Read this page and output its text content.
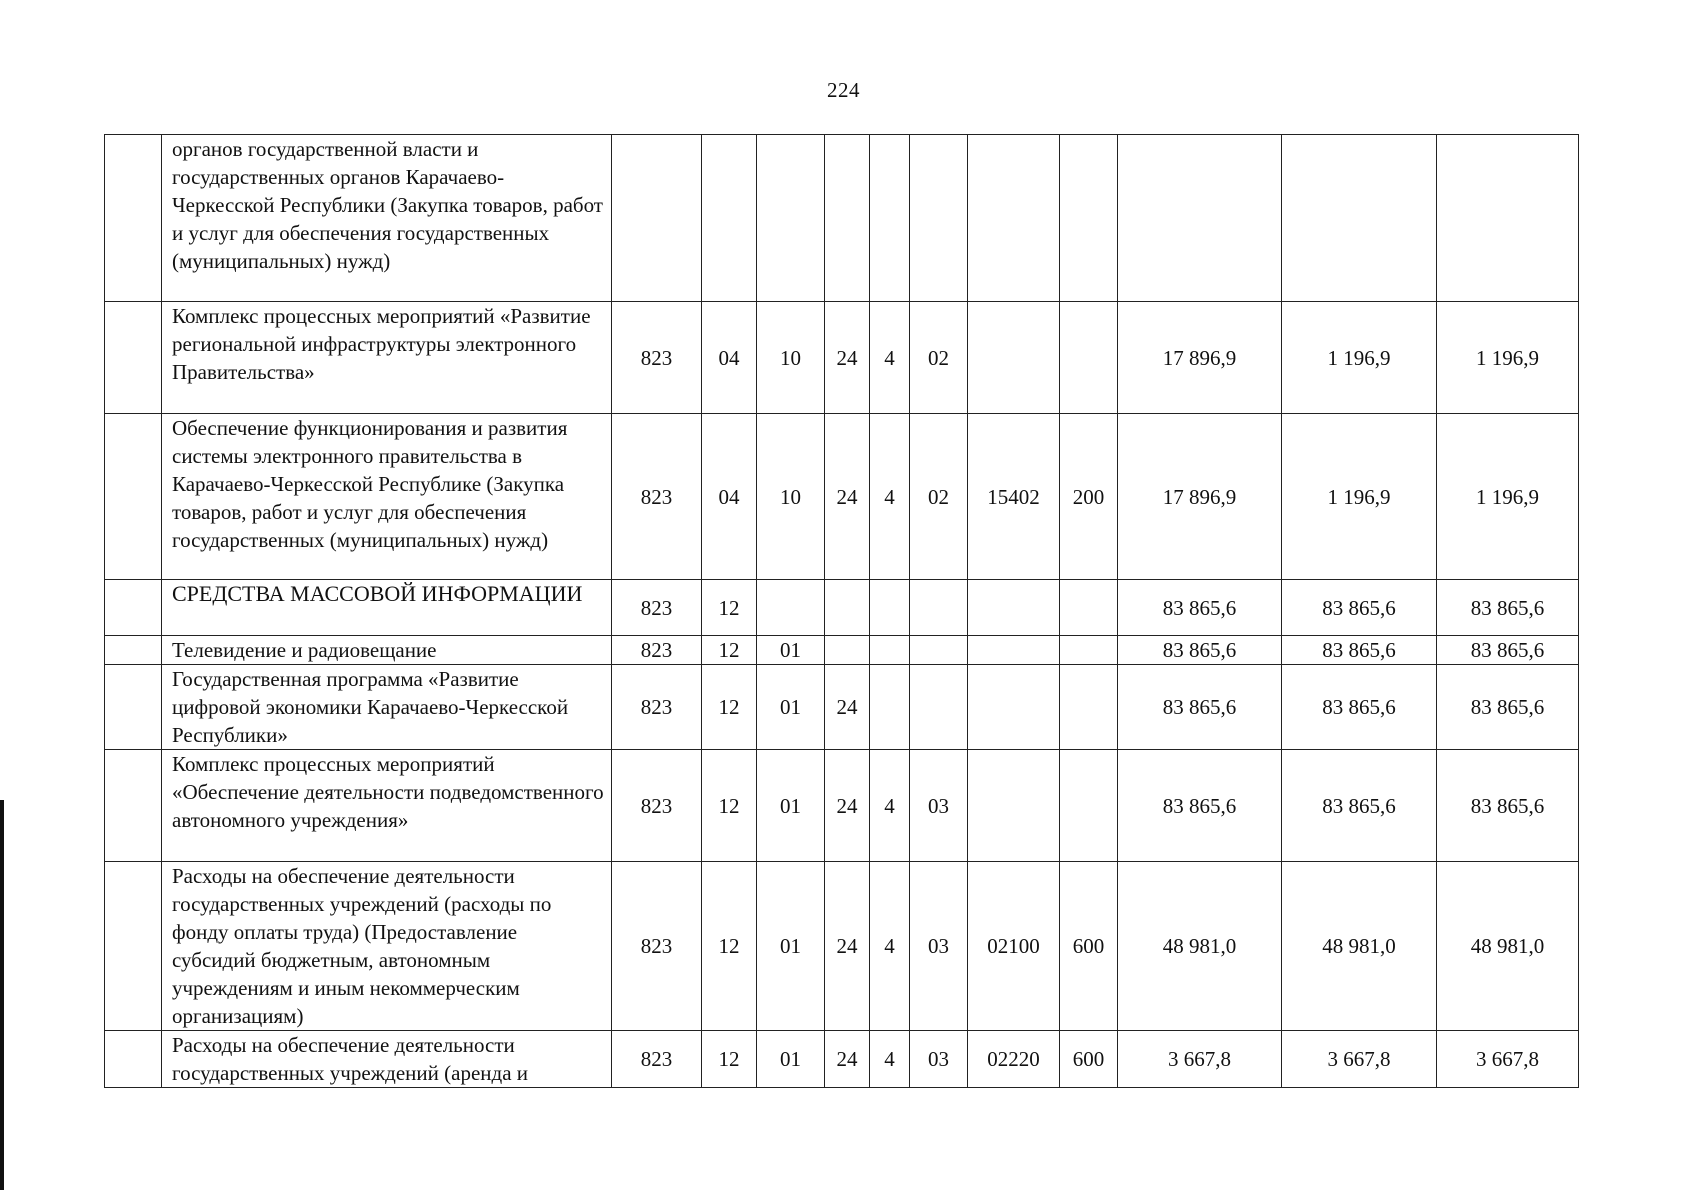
224
	органов государственной власти и государственных органов Карачаево-Черкесской Республики (Закупка товаров, работ и услуг для обеспечения государственных (муниципальных) нужд)											
	Комплекс процессных мероприятий «Развитие региональной инфраструктуры электронного Правительства»	823	04	10	24	4	02			17 896,9	1 196,9	1 196,9
	Обеспечение функционирования и развития системы электронного правительства в Карачаево-Черкесской Республике (Закупка товаров, работ и услуг для обеспечения государственных (муниципальных) нужд)	823	04	10	24	4	02	15402	200	17 896,9	1 196,9	1 196,9
	СРЕДСТВА МАССОВОЙ ИНФОРМАЦИИ	823	12							83 865,6	83 865,6	83 865,6
	Телевидение и радиовещание	823	12	01						83 865,6	83 865,6	83 865,6
	Государственная программа «Развитие цифровой экономики Карачаево-Черкесской Республики»	823	12	01	24					83 865,6	83 865,6	83 865,6
	Комплекс процессных мероприятий «Обеспечение деятельности подведомственного автономного учреждения»	823	12	01	24	4	03			83 865,6	83 865,6	83 865,6
	Расходы на обеспечение деятельности государственных учреждений (расходы по фонду оплаты труда) (Предоставление субсидий бюджетным, автономным учреждениям и иным некоммерческим организациям)	823	12	01	24	4	03	02100	600	48 981,0	48 981,0	48 981,0
	Расходы на обеспечение деятельности государственных учреждений (аренда и	823	12	01	24	4	03	02220	600	3 667,8	3 667,8	3 667,8
